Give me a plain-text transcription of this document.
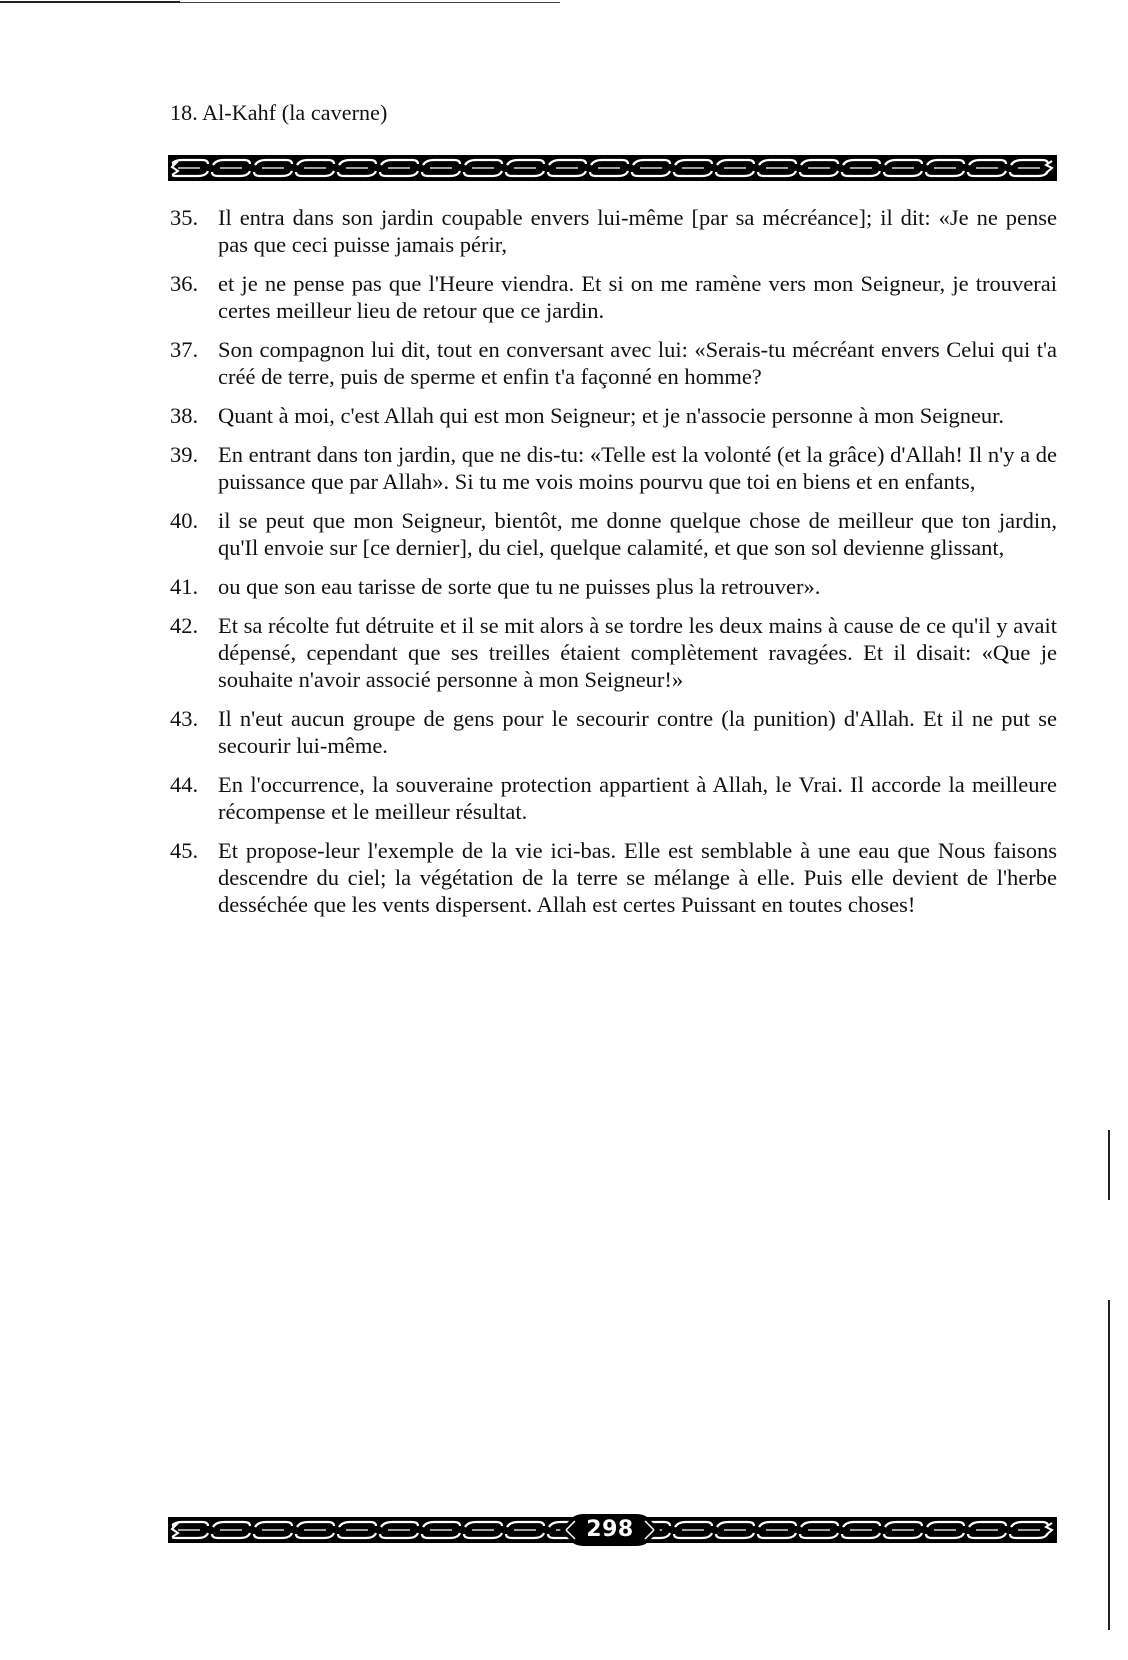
18. Al-Kahf (la caverne)
35. Il entra dans son jardin coupable envers lui-même [par sa mécréance]; il dit: «Je ne pense pas que ceci puisse jamais périr,
36. et je ne pense pas que l'Heure viendra. Et si on me ramène vers mon Seigneur, je trouverai certes meilleur lieu de retour que ce jardin.
37. Son compagnon lui dit, tout en conversant avec lui: «Serais-tu mécréant envers Celui qui t'a créé de terre, puis de sperme et enfin t'a façonné en homme?
38. Quant à moi, c'est Allah qui est mon Seigneur; et je n'associe personne à mon Seigneur.
39. En entrant dans ton jardin, que ne dis-tu: «Telle est la volonté (et la grâce) d'Allah! Il n'y a de puissance que par Allah». Si tu me vois moins pourvu que toi en biens et en enfants,
40. il se peut que mon Seigneur, bientôt, me donne quelque chose de meilleur que ton jardin, qu'Il envoie sur [ce dernier], du ciel, quelque calamité, et que son sol devienne glissant,
41. ou que son eau tarisse de sorte que tu ne puisses plus la retrouver».
42. Et sa récolte fut détruite et il se mit alors à se tordre les deux mains à cause de ce qu'il y avait dépensé, cependant que ses treilles étaient complètement ravagées. Et il disait: «Que je souhaite n'avoir associé personne à mon Seigneur!»
43. Il n'eut aucun groupe de gens pour le secourir contre (la punition) d'Allah. Et il ne put se secourir lui-même.
44. En l'occurrence, la souveraine protection appartient à Allah, le Vrai. Il accorde la meilleure récompense et le meilleur résultat.
45. Et propose-leur l'exemple de la vie ici-bas. Elle est semblable à une eau que Nous faisons descendre du ciel; la végétation de la terre se mélange à elle. Puis elle devient de l'herbe desséchée que les vents dispersent. Allah est certes Puissant en toutes choses!
298
